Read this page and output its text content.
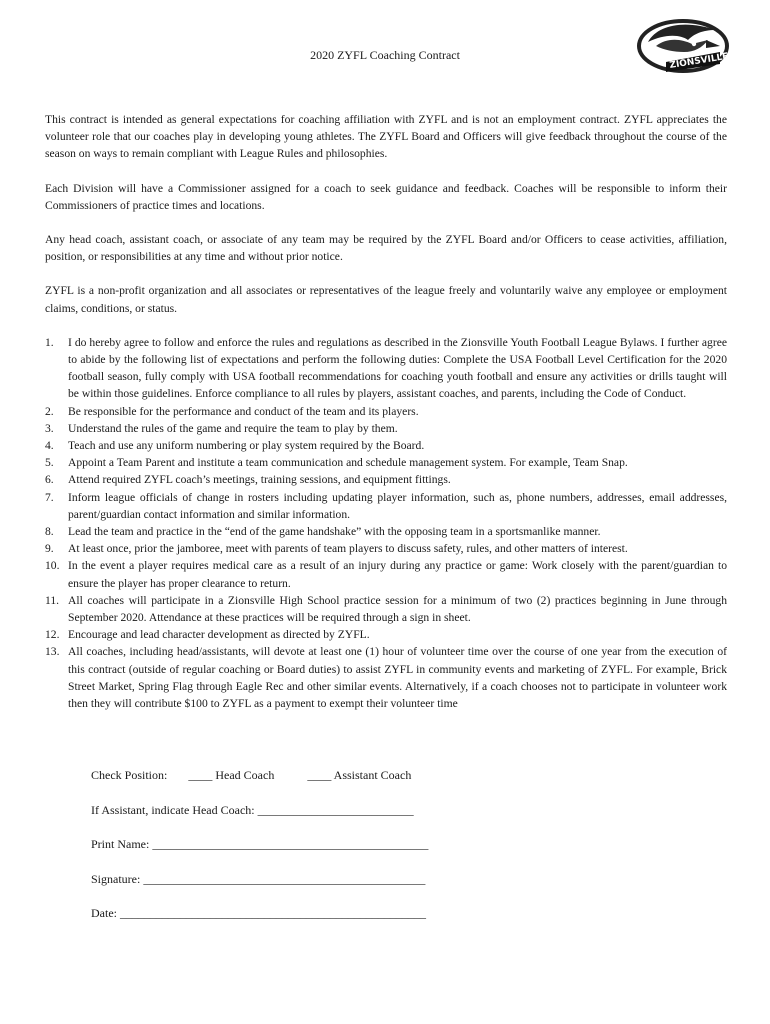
2020 ZYFL Coaching Contract	ZIONSVILLE

This contract is intended as general expectations for coaching affiliation with ZYFL and is not an employment contract. ZYFL appreciates the volunteer role that our coaches play in developing young athletes. The ZYFL Board and Officers will give feedback throughout the course of the season on ways to remain compliant with League Rules and philosophies.

Each Division will have a Commissioner assigned for a coach to seek guidance and feedback. Coaches will be responsible to inform their Commissioners of practice times and locations.

Any head coach, assistant coach, or associate of any team may be required by the ZYFL Board and/or Officers to cease activities, affiliation, position, or responsibilities at any time and without prior notice.

ZYFL is a non-profit organization and all associates or representatives of the league freely and voluntarily waive any employee or employment claims, conditions, or status.

1. I do hereby agree to follow and enforce the rules and regulations as described in the Zionsville Youth Football League Bylaws. I further agree to abide by the following list of expectations and perform the following duties: Complete the USA Football Level Certification for the 2020 football season, fully comply with USA football recommendations for coaching youth football and ensure any activities or drills taught will be within those guidelines. Enforce compliance to all rules by players, assistant coaches, and parents, including the Code of Conduct.
2. Be responsible for the performance and conduct of the team and its players.
3. Understand the rules of the game and require the team to play by them.
4. Teach and use any uniform numbering or play system required by the Board.
5. Appoint a Team Parent and institute a team communication and schedule management system. For example, Team Snap.
6. Attend required ZYFL coach’s meetings, training sessions, and equipment fittings.
7. Inform league officials of change in rosters including updating player information, such as, phone numbers, addresses, email addresses, parent/guardian contact information and similar information.
8. Lead the team and practice in the “end of the game handshake” with the opposing team in a sportsmanlike manner.
9. At least once, prior the jamboree, meet with parents of team players to discuss safety, rules, and other matters of interest.
10. In the event a player requires medical care as a result of an injury during any practice or game: Work closely with the parent/guardian to ensure the player has proper clearance to return.
11. All coaches will participate in a Zionsville High School practice session for a minimum of two (2) practices beginning in June through September 2020. Attendance at these practices will be required through a sign in sheet.
12. Encourage and lead character development as directed by ZYFL.
13. All coaches, including head/assistants, will devote at least one (1) hour of volunteer time over the course of one year from the execution of this contract (outside of regular coaching or Board duties) to assist ZYFL in community events and marketing of ZYFL. For example, Brick Street Market, Spring Flag through Eagle Rec and other similar events. Alternatively, if a coach chooses not to participate in volunteer work then they will contribute $100 to ZYFL as a payment to exempt their volunteer time
Check Position: ____ Head Coach	____ Assistant Coach
If Assistant, indicate Head Coach: __________________________
Print Name: ______________________________________________
Signature: _______________________________________________
Date: ___________________________________________________
